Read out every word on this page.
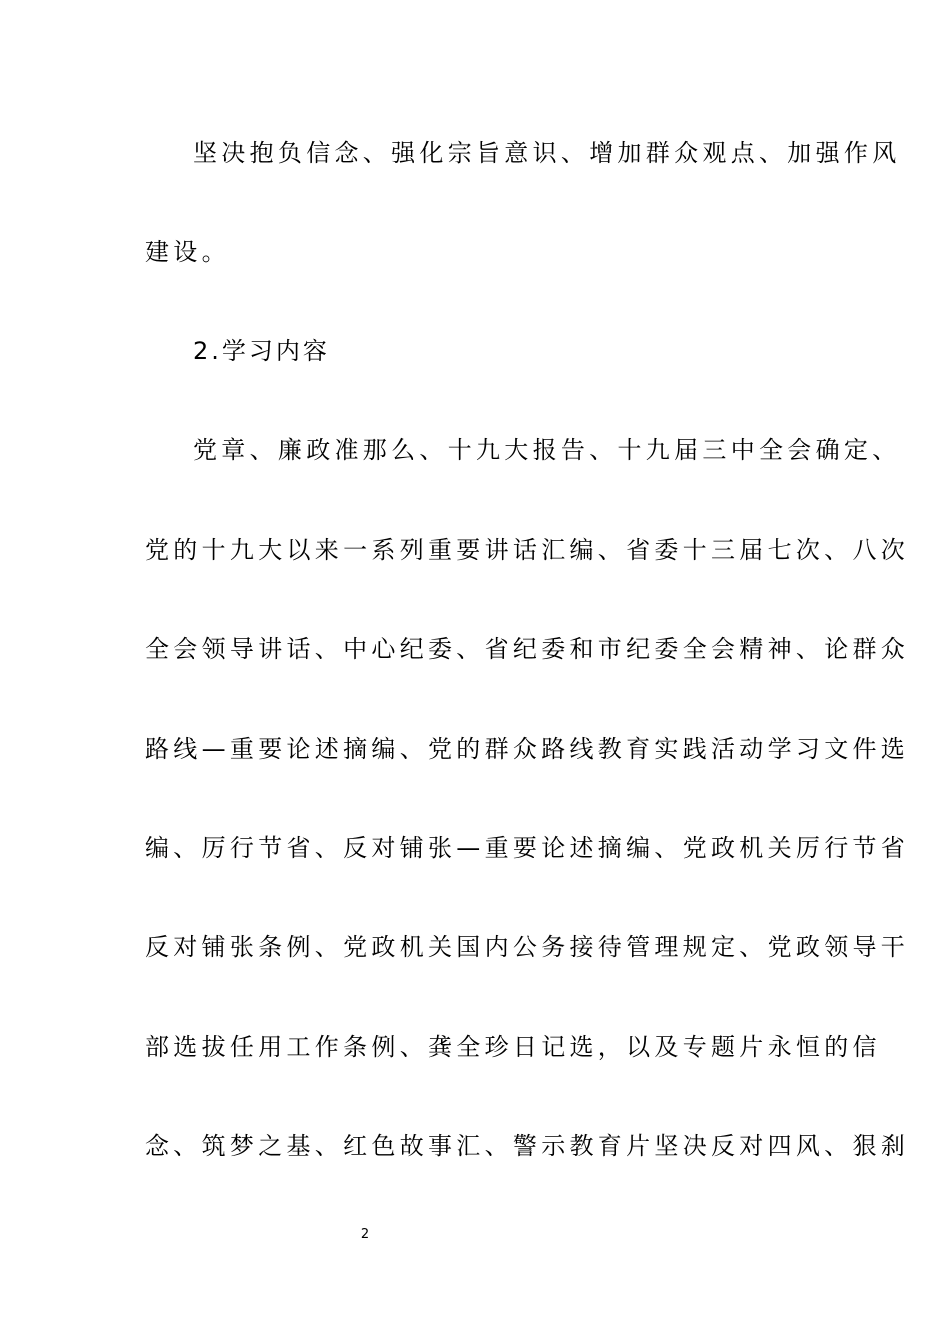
坚决抱负信念、强化宗旨意识、增加群众观点、加强作风
建设。
2.学习内容
党章、廉政准那么、十九大报告、十九届三中全会确定、
党的十九大以来一系列重要讲话汇编、省委十三届七次、八次
全会领导讲话、中心纪委、省纪委和市纪委全会精神、论群众
路线—重要论述摘编、党的群众路线教育实践活动学习文件选
编、厉行节省、反对铺张—重要论述摘编、党政机关厉行节省
反对铺张条例、党政机关国内公务接待管理规定、党政领导干
部选拔任用工作条例、龚全珍日记选，以及专题片永恒的信
念、筑梦之基、红色故事汇、警示教育片坚决反对四风、狠刹
2
